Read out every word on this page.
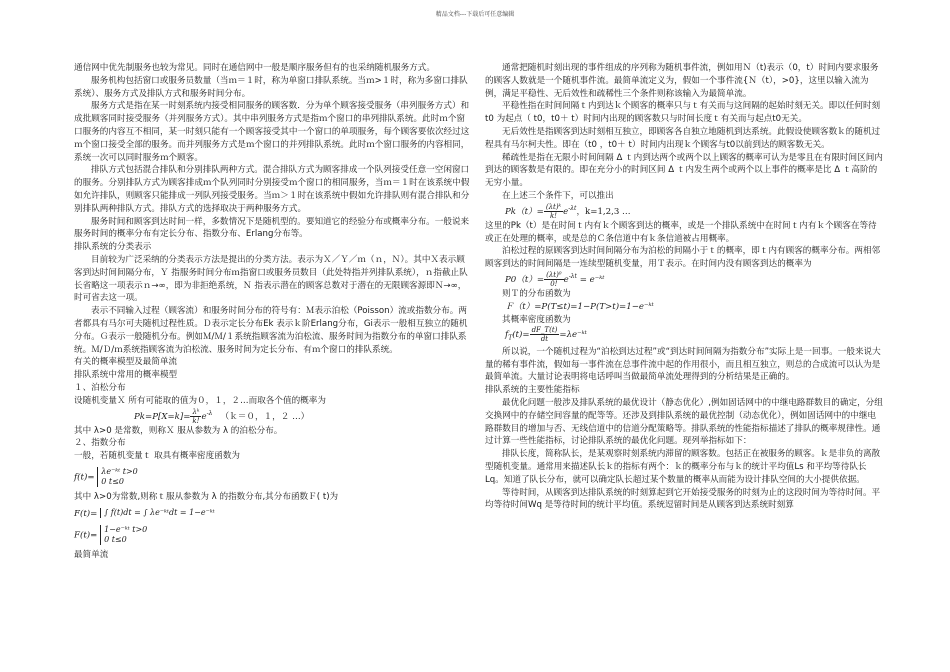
精品文档---下载后可任意编辑

通信网中优先制服务也较为常见。同时在通信网中一般是顺序服务但有的也采纳随机服务方式。

服务机构包括窗口或服务员数量（当ｍ＝１时，称为单窗口排队系统。当ｍ>１时，称为多窗口排队系统）、服务方式及排队方式和服务时间分布。

服务方式是指在某一时刻系统内接受相同服务的顾客数．分为单个顾客接受服务（串列服务方式）和成批顾客同时接受服务（并列服务方式）。其中串列服务方式是指ｍ个窗口的串列排队系统。此时ｍ个窗口服务的内容互不相同，某一时刻只能有一个顾客接受其中一个窗口的单项服务，每个顾客要依次经过这ｍ个窗口接受全部的服务。而并列服务方式是ｍ个窗口的并列排队系统。此时ｍ个窗口服务的内容相同，系统一次可以同时服务ｍ个顾客。

排队方式包括混合排队和分别排队两种方式。混合排队方式为顾客排成一个队列接受任意一空闲窗口的服务。分别排队方式为顾客排成ｍ个队列同时分别接受ｍ个窗口的相同服务，当ｍ＝１时在该系统中假如允许排队，则顾客只能排成一列队列接受服务。当ｍ＞１时在该系统中假如允许排队则有混合排队和分别排队两种排队方式。排队方式的选择取决于两种服务方式。

服务时间和顾客到达时间一样，多数情况下是随机型的。要知道它的经验分布或概率分布。一般说来服务时间的概率分布有定长分布、指数分布、Erlang分布等。

排队系统的分类表示

目前较为广泛采纳的分类表示方法是提出的分类方法。表示为Ｘ／Ｙ／ｍ（ｎ，Ｎ）。其中Ｘ表示顾客到达时间间隔分布，Ｙ 指服务时间分布ｍ指窗口或服务员数目（此处特指并列排队系统），ｎ指截止队长省略这一项表示ｎ→∞，即为非拒绝系统，Ｎ 指表示潜在的顾客总数对于潜在的无限顾客源即Ｎ→∞，时可省去这一项。

表示不同输入过程（顾客流）和服务时间分布的符号有：Ｍ表示泊松（Poisson）流或指数分布。两者都具有马尔可夫随机过程性质。Ｄ表示定长分布Ek 表示ｋ阶Erlang分布，Gi表示一般相互独立的随机分布。Ｇ表示一般随机分布。例如Ｍ/Ｍ/１系统指顾客流为泊松流、服务时间为指数分布的单窗口排队系统。Ｍ/Ｄ/ｍ系统指顾客流为泊松流、服务时间为定长分布、有ｍ个窗口的排队系统。

有关的概率模型及最简单流

排队系统中常用的概率模型

１、泊松分布

设随机变量Ｘ 所有可能取的值为０，１，２…而取各个值的概率为

$Pk=P[X=k]= \frac{\text{λᵏ}}{k!} e^{-\lambda}$ （ｋ＝０，１，２ …）

其中 λ>0 是常数，则称Ｘ 服从参数为 λ 的泊松分布。

２、指数分布

一般，若随机变量ｔ 取具有概率密度函数为

f(t)= λe⁻ᵏᵗ t>0
0 t≤0

其中 λ>0为常数,则称ｔ服从参数为 λ 的指数分布,其分布函数Ｆ( t)为

F(t)= ∫ f(t)dt = ∫ λe⁻ᵏᵗdt = 1−e⁻ᵏᵗ

F(t)= 1−e⁻ᵏᵗ t>0
0 t≤0

最简单流

通常把随机时刻出现的事件组成的序列称为随机事件流，例如用Ｎ（t)表示（0，t）时间内要求服务的顾客人数就是一个随机事件流。最简单流定义为，假如一个事件流{Ｎ（t），>0}，这里以输入流为例，满足平稳性、无后效性和疏稀性三个条件则称该输入为最简单流。

平稳性指在时间间隔ｔ内到达ｋ个顾客的概率只与ｔ有关而与这间隔的起始时刻无关。即以任何时刻t0 为起点（ t0，t0＋ t）时间内出现的顾客数只与时间长度ｔ有关而与起点t0无关。

无后效性是指顾客到达时刻相互独立，即顾客各自独立地随机到达系统。此假设使顾客数ｋ的随机过程具有马尔柯夫性。即在（t0 ，t0＋ t）时间内出现ｋ个顾客与t0以前到达的顾客数无关。

稀疏性是指在无限小时间间隔 Δ ｔ内到达两个或两个以上顾客的概率可认为是零且在有限时间区间内到达的顾客数是有限的。即在充分小的时间区间 Δ ｔ内发生两个或两个以上事件的概率是比 Δ ｔ高阶的无穷小量。

在上述三个条件下，可以推出

$Pk(t)= \frac{\text{(λt)ᵏ}}{k!} e^{-\lambda t}$，k=1,2,3 …

这里的Pk（t）是在时间ｔ内有ｋ个顾客到达的概率，或是一个排队系统中在时间ｔ内有ｋ个顾客在等待或正在处理的概率，或是总的Ｃ条信道中有ｋ条信道被占用概率。

泊松过程的原顾客到达时间间隔分布为泊松的间隔小于ｔ的概率，即ｔ内有顾客的概率分布。两相邻顾客到达的时间间隔是一连续型随机变量，用Ｔ表示。在时间内没有顾客到达的概率为

$P0(t)= \frac{\text{(λt)⁰}}{0!} e^{-\lambda t}$ = e⁻ᵏᵗ

则Ｔ的分布函数为

Ｆ（t）=P(T≤t)=1−P(T>t)=1−e⁻ᵏᵗ

其概率密度函数为

$f_T(t)= \frac{dF\_T(t)}{dt}$ =λe⁻ᵏᵗ

所以说，一个随机过程为“泊松到达过程”或“到达时间间隔为指数分布”实际上是一回事。一般来说大量的稀有事件流，假如每一事件流在总事件流中起的作用很小，而且相互独立，则总的合成流可以认为是最简单流。大量讨论表明将电话呼叫当做最简单流处理得到的分析结果是正确的。

排队系统的主要性能指标

最优化问题一般涉及排队系统的最优设计（静态优化）,例如固话网中的中继电路群数目的确定，分组交换网中的存储空间容量的配等等。还涉及到排队系统的最优控制（动态优化），例如固话网中的中继电路群数目的增加与否、无线信道中的信道分配策略等。排队系统的性能指标描述了排队的概率规律性。通过计算一些性能指标，讨论排队系统的最优化问题。现列举指标如下：

排队长度，简称队长，是某观察时刻系统内滞留的顾客数。包括正在被服务的顾客。ｋ是非负的离散型随机变量。通常用来描述队长ｋ的指标有两个：ｋ的概率分布与ｋ的统计平均值Ls 和平均等待队长Lq。知道了队长分布，就可以确定队长超过某个数量的概率从而能为设计排队空间的大小提供依据。

等待时间，从顾客到达排队系统的时刻算起到它开始接受服务的时刻为止的这段时间为等待时间。平均等待时间Wq 是等待时间的统计平均值。系统逗留时间是从顾客到达系统时刻算
